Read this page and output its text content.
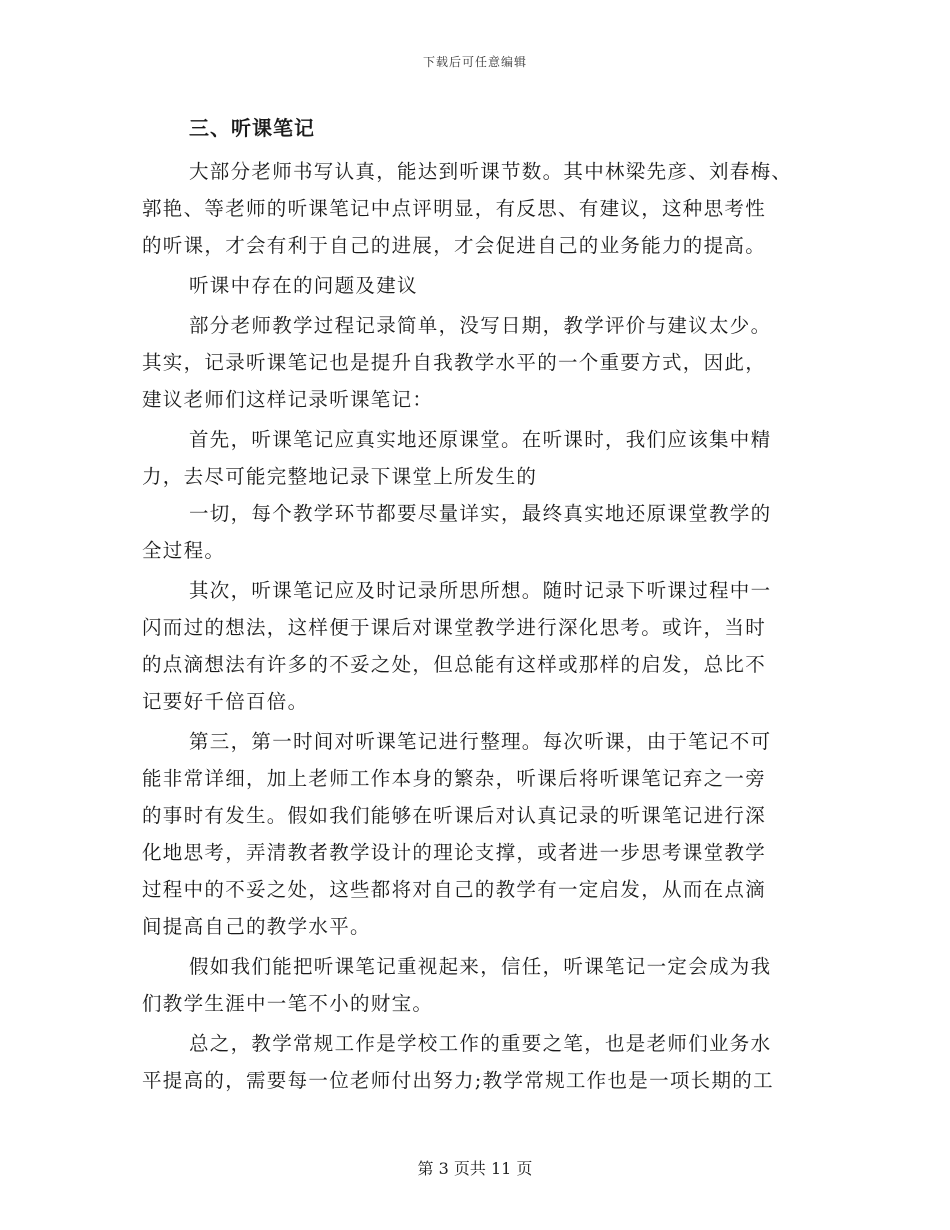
下载后可任意编辑
三、听课笔记
大部分老师书写认真，能达到听课节数。其中林梁先彦、刘春梅、
郭艳、等老师的听课笔记中点评明显，有反思、有建议，这种思考性
的听课，才会有利于自己的进展，才会促进自己的业务能力的提高。
听课中存在的问题及建议
部分老师教学过程记录简单，没写日期，教学评价与建议太少。
其实，记录听课笔记也是提升自我教学水平的一个重要方式，因此，
建议老师们这样记录听课笔记：
首先，听课笔记应真实地还原课堂。在听课时，我们应该集中精
力，去尽可能完整地记录下课堂上所发生的
一切，每个教学环节都要尽量详实，最终真实地还原课堂教学的
全过程。
其次，听课笔记应及时记录所思所想。随时记录下听课过程中一
闪而过的想法，这样便于课后对课堂教学进行深化思考。或许，当时
的点滴想法有许多的不妥之处，但总能有这样或那样的启发，总比不
记要好千倍百倍。
第三，第一时间对听课笔记进行整理。每次听课，由于笔记不可
能非常详细，加上老师工作本身的繁杂，听课后将听课笔记弃之一旁
的事时有发生。假如我们能够在听课后对认真记录的听课笔记进行深
化地思考，弄清教者教学设计的理论支撑，或者进一步思考课堂教学
过程中的不妥之处，这些都将对自己的教学有一定启发，从而在点滴
间提高自己的教学水平。
假如我们能把听课笔记重视起来，信任，听课笔记一定会成为我
们教学生涯中一笔不小的财宝。
总之，教学常规工作是学校工作的重要之笔，也是老师们业务水
平提高的，需要每一位老师付出努力;教学常规工作也是一项长期的工
第 3 页共 11 页
